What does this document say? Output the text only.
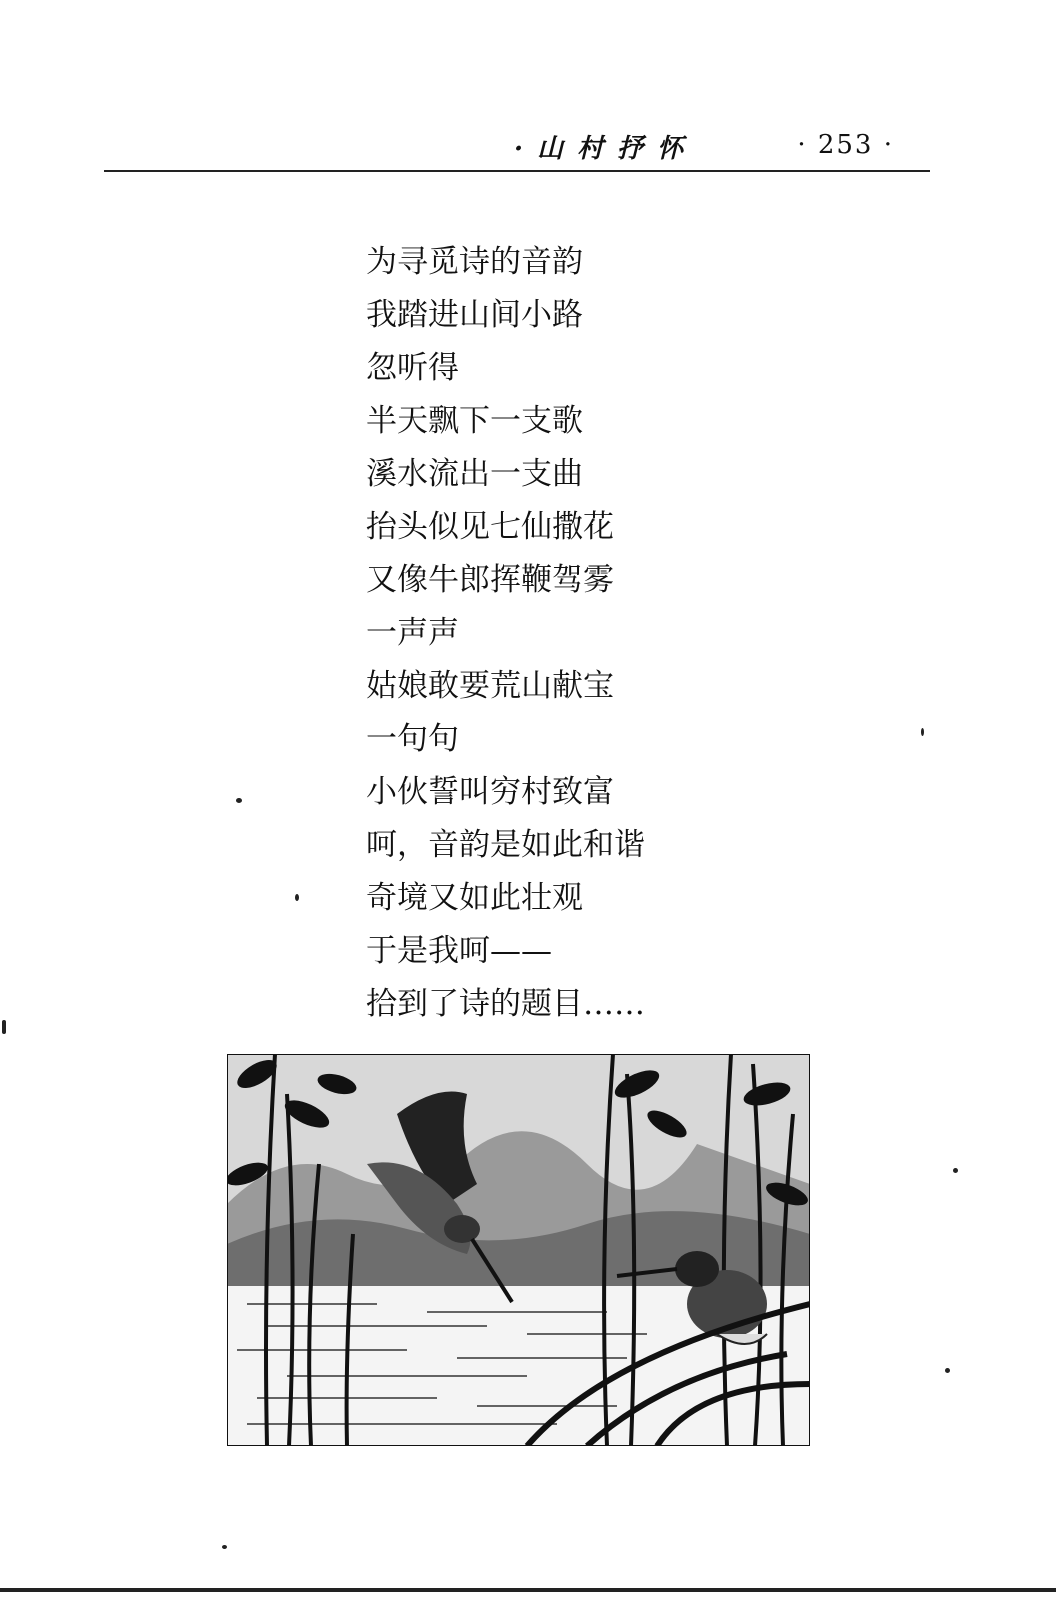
·山村抒怀	· 253 ·
为寻觅诗的音韵
我踏进山间小路
忽听得
半天飘下一支歌
溪水流出一支曲
抬头似见七仙撒花
又像牛郎挥鞭驾雾
一声声
姑娘敢要荒山献宝
一句句
小伙誓叫穷村致富
呵，音韵是如此和谐
奇境又如此壮观
于是我呵——
拾到了诗的题目……
